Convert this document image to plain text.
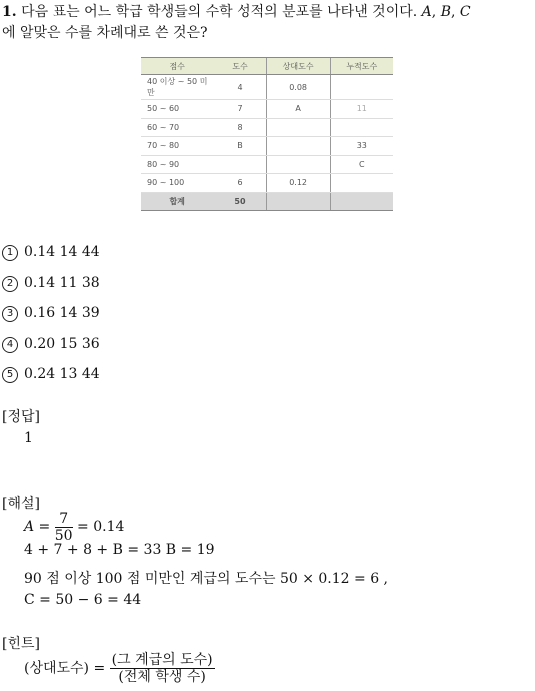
1. 다음 표는 어느 학급 학생들의 수학 성적의 분포를 나타낸 것이다. A, B, C
에 알맞은 수를 차례대로 쓴 것은?
점수	도수	상대도수	누적도수
40 이상 ~ 50 미만	4	0.08	
50 ~ 60	7	A	11
60 ~ 70	8		
70 ~ 80	B		33
80 ~ 90			C
90 ~ 100	6	0.12	
합계	50		
1 0.14 14 44
2 0.14 11 38
3 0.16 14 39
4 0.20 15 36
5 0.24 13 44
[정답]
1
[해설]
$A = \frac{7}{50} = 0.14$
4 + 7 + 8 + B = 33 B = 19
90 점 이상 100 점 미만인 계급의 도수는 50 × 0.12 = 6 ,
C = 50 − 6 = 44
[힌트]
(상대도수) = $\frac{\text{(그 계급의 도수)}}{\text{(전체 학생 수)}}$
